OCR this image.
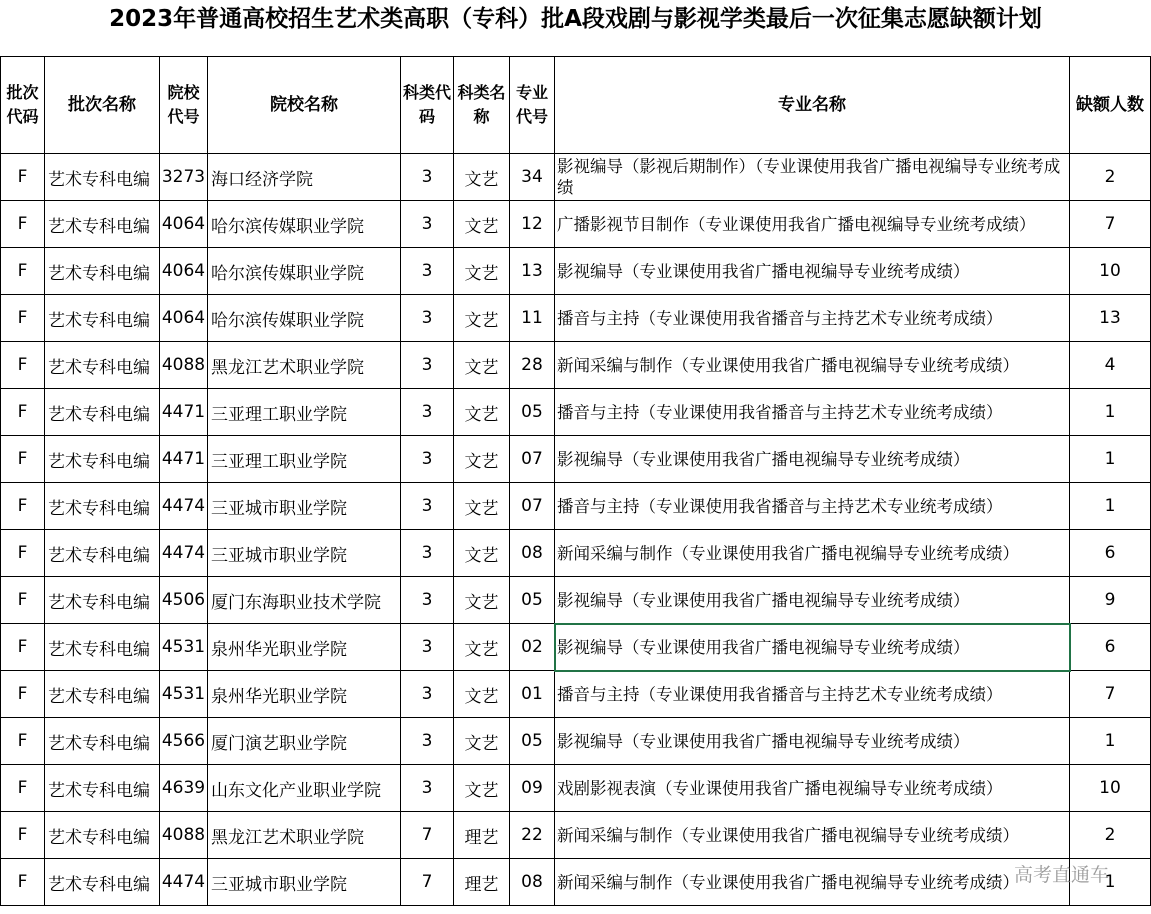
2023年普通高校招生艺术类高职（专科）批A段戏剧与影视学类最后一次征集志愿缺额计划
批次代码	批次名称	院校代号	院校名称	科类代码	科类名称	专业代号	专业名称	缺额人数
F	艺术专科电编	3273	海口经济学院	3	文艺	34	影视编导（影视后期制作）（专业课使用我省广播电视编导专业统考成绩	2
F	艺术专科电编	4064	哈尔滨传媒职业学院	3	文艺	12	广播影视节目制作（专业课使用我省广播电视编导专业统考成绩）	7
F	艺术专科电编	4064	哈尔滨传媒职业学院	3	文艺	13	影视编导（专业课使用我省广播电视编导专业统考成绩）	10
F	艺术专科电编	4064	哈尔滨传媒职业学院	3	文艺	11	播音与主持（专业课使用我省播音与主持艺术专业统考成绩）	13
F	艺术专科电编	4088	黑龙江艺术职业学院	3	文艺	28	新闻采编与制作（专业课使用我省广播电视编导专业统考成绩）	4
F	艺术专科电编	4471	三亚理工职业学院	3	文艺	05	播音与主持（专业课使用我省播音与主持艺术专业统考成绩）	1
F	艺术专科电编	4471	三亚理工职业学院	3	文艺	07	影视编导（专业课使用我省广播电视编导专业统考成绩）	1
F	艺术专科电编	4474	三亚城市职业学院	3	文艺	07	播音与主持（专业课使用我省播音与主持艺术专业统考成绩）	1
F	艺术专科电编	4474	三亚城市职业学院	3	文艺	08	新闻采编与制作（专业课使用我省广播电视编导专业统考成绩）	6
F	艺术专科电编	4506	厦门东海职业技术学院	3	文艺	05	影视编导（专业课使用我省广播电视编导专业统考成绩）	9
F	艺术专科电编	4531	泉州华光职业学院	3	文艺	02	影视编导（专业课使用我省广播电视编导专业统考成绩）	6
F	艺术专科电编	4531	泉州华光职业学院	3	文艺	01	播音与主持（专业课使用我省播音与主持艺术专业统考成绩）	7
F	艺术专科电编	4566	厦门演艺职业学院	3	文艺	05	影视编导（专业课使用我省广播电视编导专业统考成绩）	1
F	艺术专科电编	4639	山东文化产业职业学院	3	文艺	09	戏剧影视表演（专业课使用我省广播电视编导专业统考成绩）	10
F	艺术专科电编	4088	黑龙江艺术职业学院	7	理艺	22	新闻采编与制作（专业课使用我省广播电视编导专业统考成绩）	2
F	艺术专科电编	4474	三亚城市职业学院	7	理艺	08	新闻采编与制作（专业课使用我省广播电视编导专业统考成绩）	1
高考直通车
